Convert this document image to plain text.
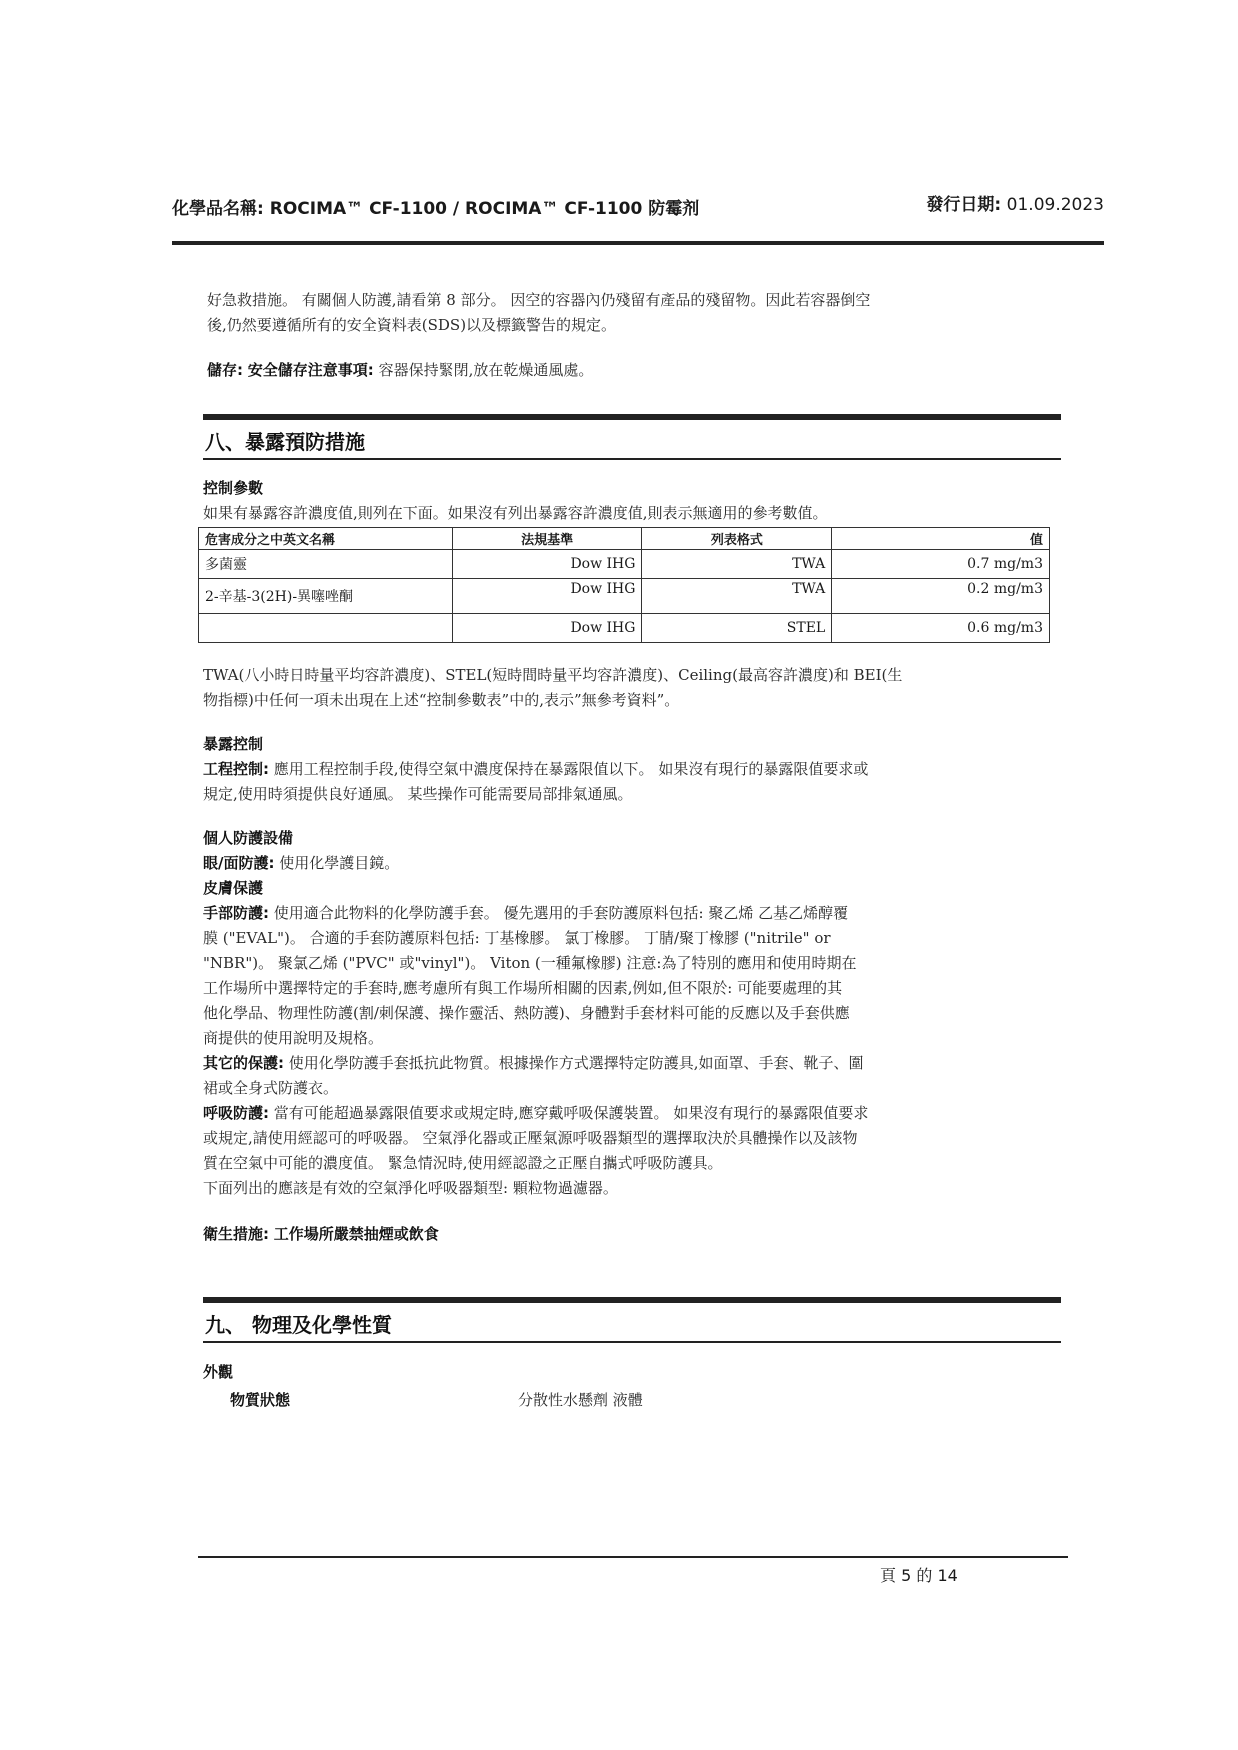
化學品名稱: ROCIMA™ CF-1100 / ROCIMA™ CF-1100 防霉剂	發行日期: 01.09.2023
好急救措施。 有關個人防護,請看第 8 部分。 因空的容器內仍殘留有產品的殘留物。因此若容器倒空
後,仍然要遵循所有的安全資料表(SDS)以及標籤警告的規定。
儲存: 安全儲存注意事項: 容器保持緊閉,放在乾燥通風處。
八、暴露預防措施
控制參數
如果有暴露容許濃度值,則列在下面。如果沒有列出暴露容許濃度值,則表示無適用的參考數值。
危害成分之中英文名稱	法規基準	列表格式	值
多菌靈	Dow IHG	TWA	0.7 mg/m3
2-辛基-3(2H)-異噻唑酮	Dow IHG	TWA	0.2 mg/m3
	Dow IHG	STEL	0.6 mg/m3
TWA(八小時日時量平均容許濃度)、STEL(短時間時量平均容許濃度)、Ceiling(最高容許濃度)和 BEI(生
物指標)中任何一項未出現在上述“控制參數表”中的,表示”無參考資料”。
暴露控制
工程控制: 應用工程控制手段,使得空氣中濃度保持在暴露限值以下。 如果沒有現行的暴露限值要求或
規定,使用時須提供良好通風。 某些操作可能需要局部排氣通風。
個人防護設備
眼/面防護: 使用化學護目鏡。
皮膚保護
手部防護: 使用適合此物料的化學防護手套。 優先選用的手套防護原料包括: 聚乙烯 乙基乙烯醇覆
膜 ("EVAL")。 合適的手套防護原料包括: 丁基橡膠。 氯丁橡膠。 丁腈/聚丁橡膠 ("nitrile" or
"NBR")。 聚氯乙烯 ("PVC" 或"vinyl")。 Viton (一種氟橡膠) 注意:為了特別的應用和使用時期在
工作場所中選擇特定的手套時,應考慮所有與工作場所相關的因素,例如,但不限於: 可能要處理的其
他化學品、物理性防護(割/刺保護、操作靈活、熱防護)、身體對手套材料可能的反應以及手套供應
商提供的使用說明及規格。
其它的保護: 使用化學防護手套抵抗此物質。根據操作方式選擇特定防護具,如面罩、手套、靴子、圍
裙或全身式防護衣。
呼吸防護: 當有可能超過暴露限值要求或規定時,應穿戴呼吸保護裝置。 如果沒有現行的暴露限值要求
或規定,請使用經認可的呼吸器。 空氣淨化器或正壓氣源呼吸器類型的選擇取決於具體操作以及該物
質在空氣中可能的濃度值。 緊急情況時,使用經認證之正壓自攜式呼吸防護具。
下面列出的應該是有效的空氣淨化呼吸器類型: 顆粒物過濾器。
衛生措施: 工作場所嚴禁抽煙或飲食
九、 物理及化學性質
外觀
物質狀態	分散性水懸劑 液體
頁 5 的 14
